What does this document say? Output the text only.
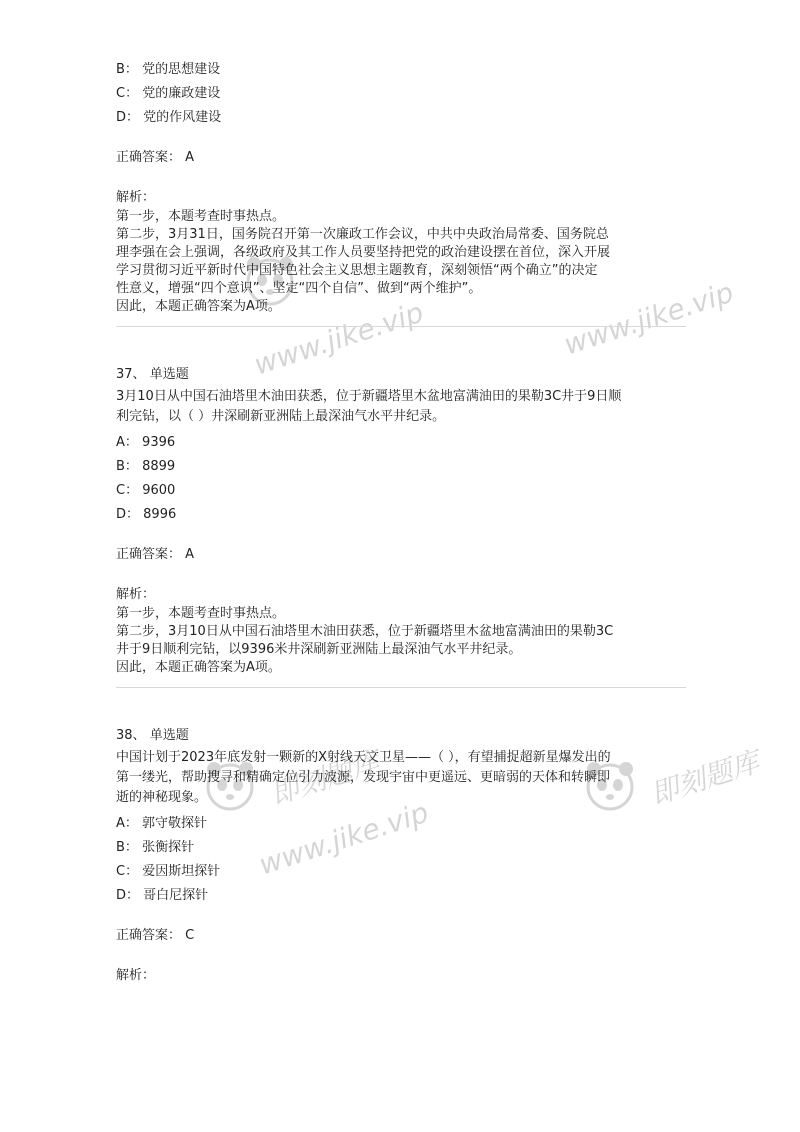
www.jike.vip	www.jike.vip
即刻题库
www.jike.vip
即刻题库
B： 党的思想建设
C： 党的廉政建设
D： 党的作风建设
正确答案： A
解析：
第一步，本题考查时事热点。
第二步，3月31日，国务院召开第一次廉政工作会议，中共中央政治局常委、国务院总
理李强在会上强调，各级政府及其工作人员要坚持把党的政治建设摆在首位，深入开展
学习贯彻习近平新时代中国特色社会主义思想主题教育，深刻领悟“两个确立”的决定
性意义，增强“四个意识”、坚定“四个自信”、做到“两个维护”。
因此，本题正确答案为A项。
37、 单选题
3月10日从中国石油塔里木油田获悉，位于新疆塔里木盆地富满油田的果勒3C井于9日顺
利完钻，以（ ）井深刷新亚洲陆上最深油气水平井纪录。
A： 9396
B： 8899
C： 9600
D： 8996
正确答案： A
解析：
第一步，本题考查时事热点。
第二步，3月10日从中国石油塔里木油田获悉，位于新疆塔里木盆地富满油田的果勒3C
井于9日顺利完钻，以9396米井深刷新亚洲陆上最深油气水平井纪录。
因此，本题正确答案为A项。
38、 单选题
中国计划于2023年底发射一颗新的X射线天文卫星——（ ），有望捕捉超新星爆发出的
第一缕光，帮助搜寻和精确定位引力波源，发现宇宙中更遥远、更暗弱的天体和转瞬即
逝的神秘现象。
A： 郭守敬探针
B： 张衡探针
C： 爱因斯坦探针
D： 哥白尼探针
正确答案： C
解析：
